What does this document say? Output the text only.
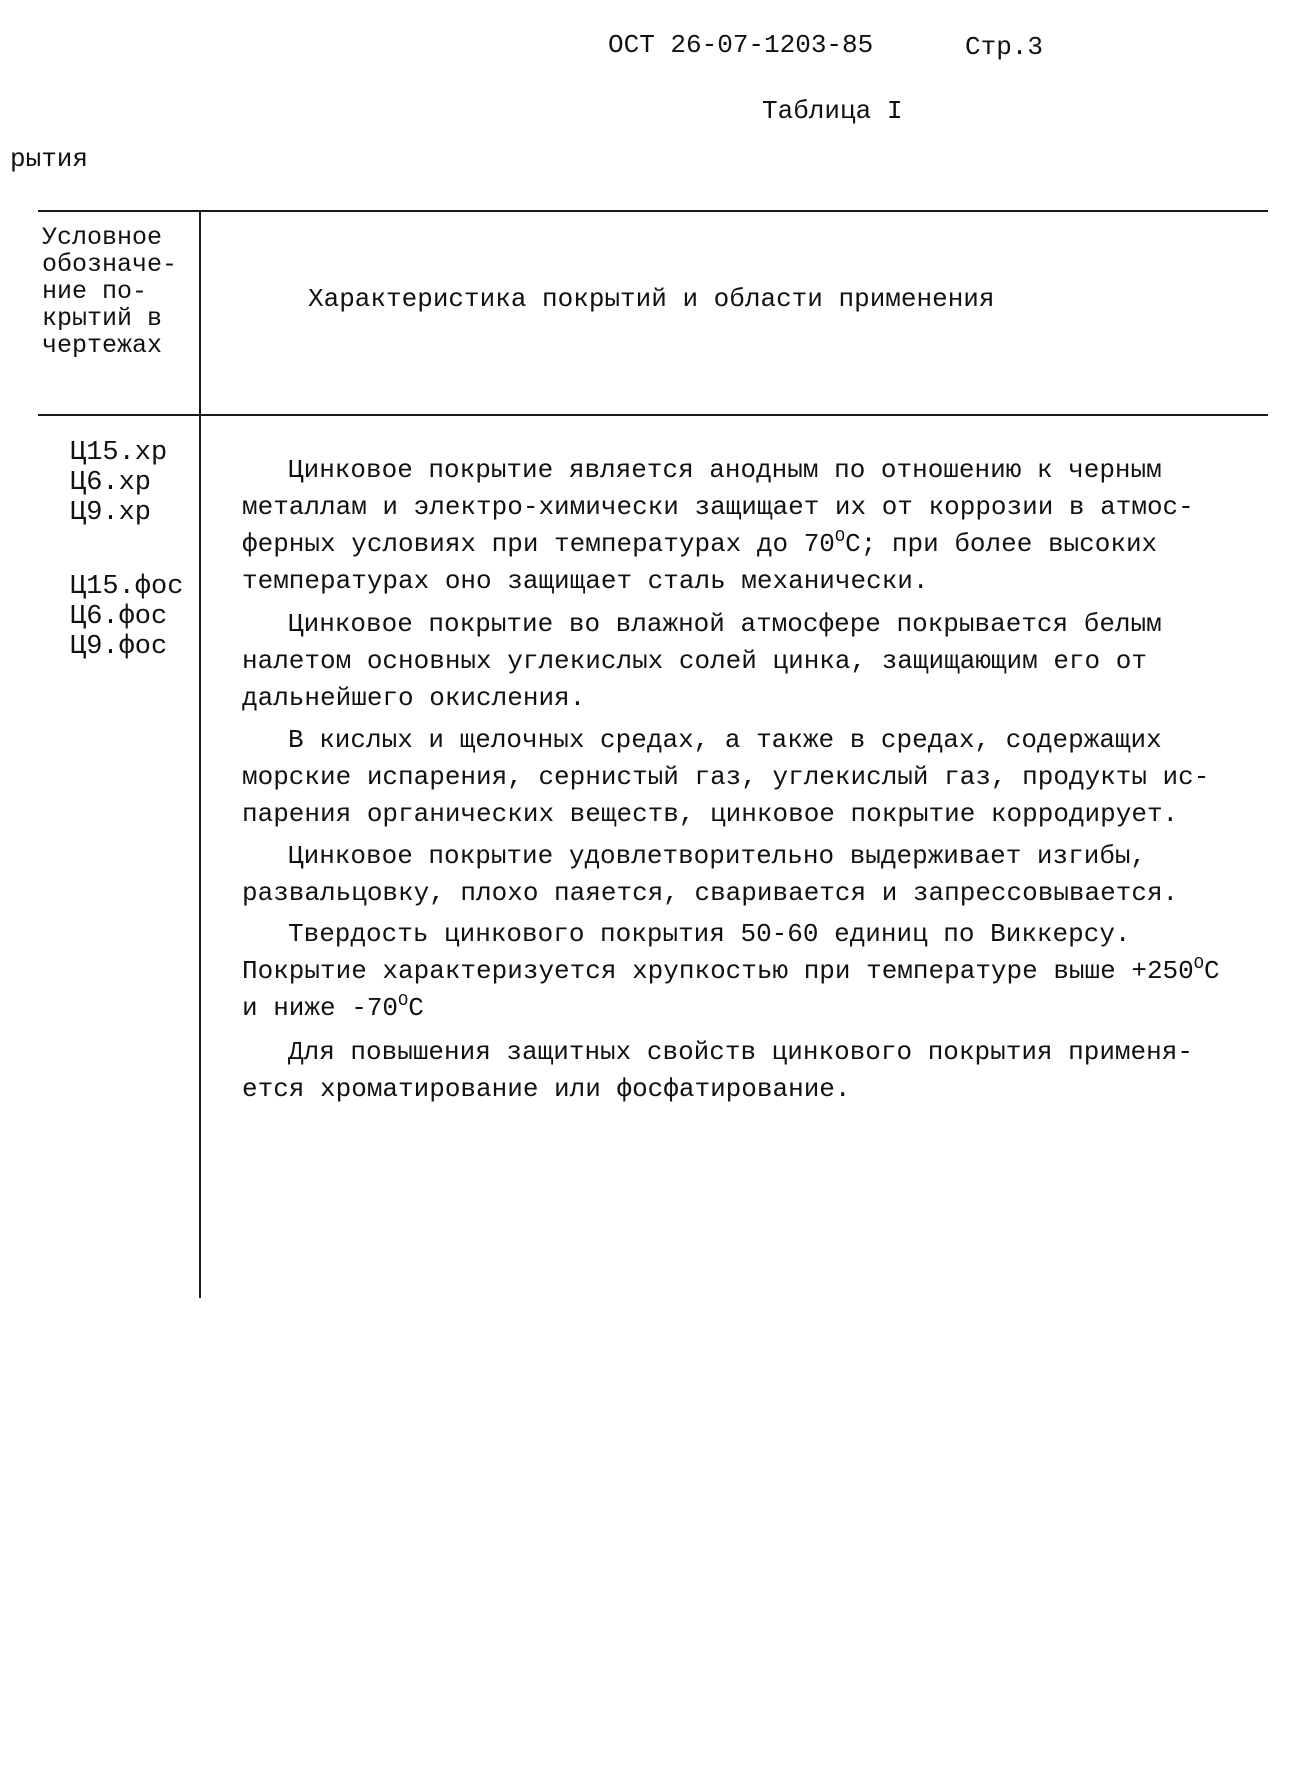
ОСТ 26-07-1203-85	Стр.3
Таблица I
рытия
Условное
обозначе-
ние по-
крытий в
чертежах
Характеристика покрытий и области применения
Ц15.хр
Ц6.хр
Ц9.хр
Ц15.фос
Ц6.фос
Ц9.фос
Цинковое покрытие является анодным по отношению к черным
металлам и электро-химически защищает их от коррозии в атмос-
ферных условиях при температурах до $70^OС$; при более высоких
температурах оно защищает сталь механически.
Цинковое покрытие во влажной атмосфере покрывается белым
налетом основных углекислых солей цинка, защищающим его от
дальнейшего окисления.
В кислых и щелочных средах, а также в средах, содержащих
морские испарения, сернистый газ, углекислый газ, продукты ис-
парения органических веществ, цинковое покрытие корродирует.
Цинковое покрытие удовлетворительно выдерживает изгибы,
развальцовку, плохо паяется, сваривается и запрессовывается.
Твердость цинкового покрытия 50-60 единиц по Виккерсу.
Покрытие характеризуется хрупкостью при температуре выше $+250^OС$
и ниже $-70^OС$
Для повышения защитных свойств цинкового покрытия применя-
ется хроматирование или фосфатирование.
